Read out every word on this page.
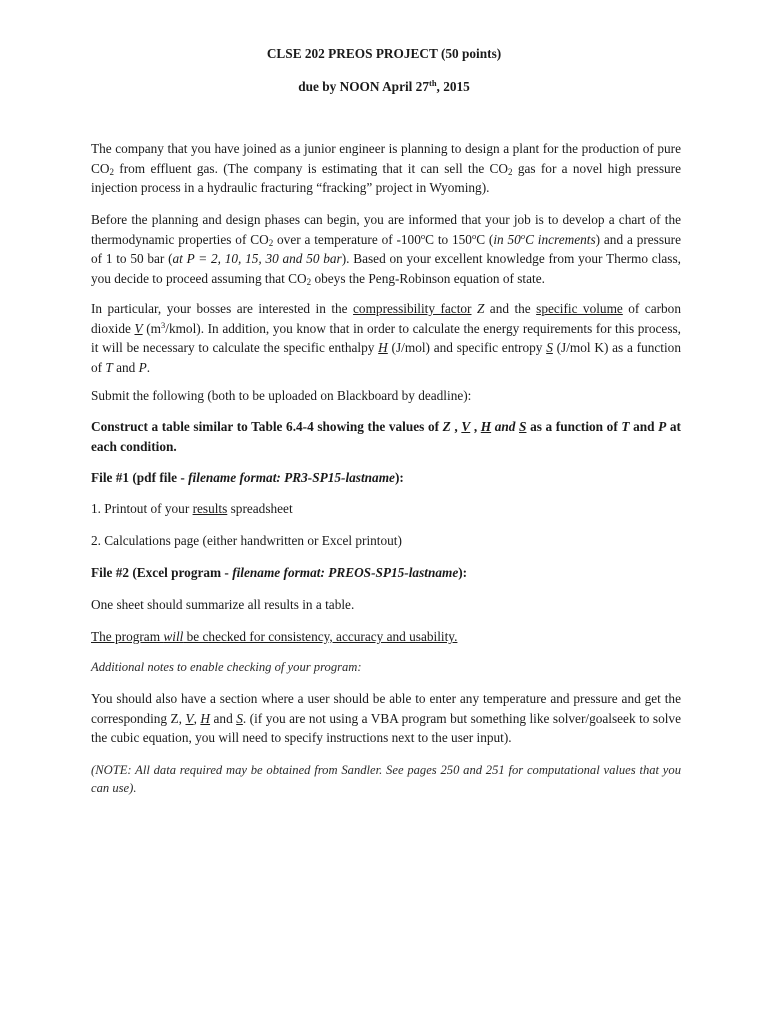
CLSE 202 PREOS PROJECT (50 points)

due by NOON April 27th, 2015

The company that you have joined as a junior engineer is planning to design a plant for the production of pure $CO_2$ from effluent gas. (The company is estimating that it can sell the $CO_2$ gas for a novel high pressure injection process in a hydraulic fracturing “fracking” project in Wyoming).

Before the planning and design phases can begin, you are informed that your job is to develop a chart of the thermodynamic properties of $CO_2$ over a temperature of -100$^o$C to 150$^o$C (in 50$^o$C increments) and a pressure of 1 to 50 bar (at P = 2, 10, 15, 30 and 50 bar). Based on your excellent knowledge from your Thermo class, you decide to proceed assuming that $CO_2$ obeys the Peng-Robinson equation of state.

In particular, your bosses are interested in the compressibility factor Z and the specific volume of carbon dioxide V $(m^3/kmol)$. In addition, you know that in order to calculate the energy requirements for this process, it will be necessary to calculate the specific enthalpy H (J/mol) and specific entropy S (J/mol K) as a function of T and P.

Submit the following (both to be uploaded on Blackboard by deadline):

Construct a table similar to Table 6.4-4 showing the values of Z , V , H and S as a function of T and P at each condition.

File #1 (pdf file - filename format: PR3-SP15-lastname):

1. Printout of your results spreadsheet

2. Calculations page (either handwritten or Excel printout)

File #2 (Excel program - filename format: PREOS-SP15-lastname):

One sheet should summarize all results in a table.

The program will be checked for consistency, accuracy and usability.

Additional notes to enable checking of your program:

You should also have a section where a user should be able to enter any temperature and pressure and get the corresponding Z, V, H and S. (if you are not using a VBA program but something like solver/goalseek to solve the cubic equation, you will need to specify instructions next to the user input).

(NOTE: All data required may be obtained from Sandler. See pages 250 and 251 for computational values that you can use).
